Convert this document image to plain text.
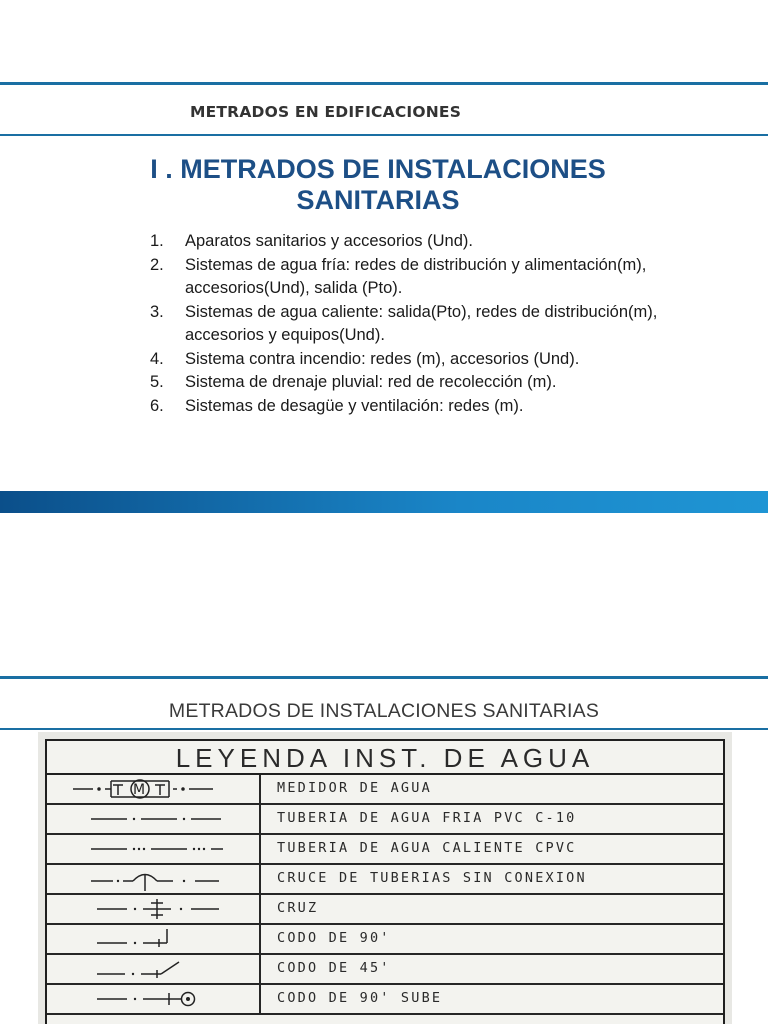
METRADOS EN EDIFICACIONES
I . METRADOS DE INSTALACIONES SANITARIAS
1. Aparatos sanitarios y accesorios (Und).
2. Sistemas de agua fría: redes de distribución y alimentación(m), accesorios(Und), salida (Pto).
3. Sistemas de agua caliente: salida(Pto), redes de distribución(m), accesorios y equipos(Und).
4. Sistema contra incendio: redes (m), accesorios (Und).
5. Sistema de drenaje pluvial: red de recolección (m).
6. Sistemas de desagüe y ventilación: redes (m).
METRADOS DE INSTALACIONES SANITARIAS
LEYENDA INST. DE AGUA
M	MEDIDOR DE AGUA
TUBERIA DE AGUA FRIA PVC C-10
TUBERIA DE AGUA CALIENTE CPVC
CRUCE DE TUBERIAS SIN CONEXION
CRUZ
CODO DE 90'
CODO DE 45'
CODO DE 90' SUBE
